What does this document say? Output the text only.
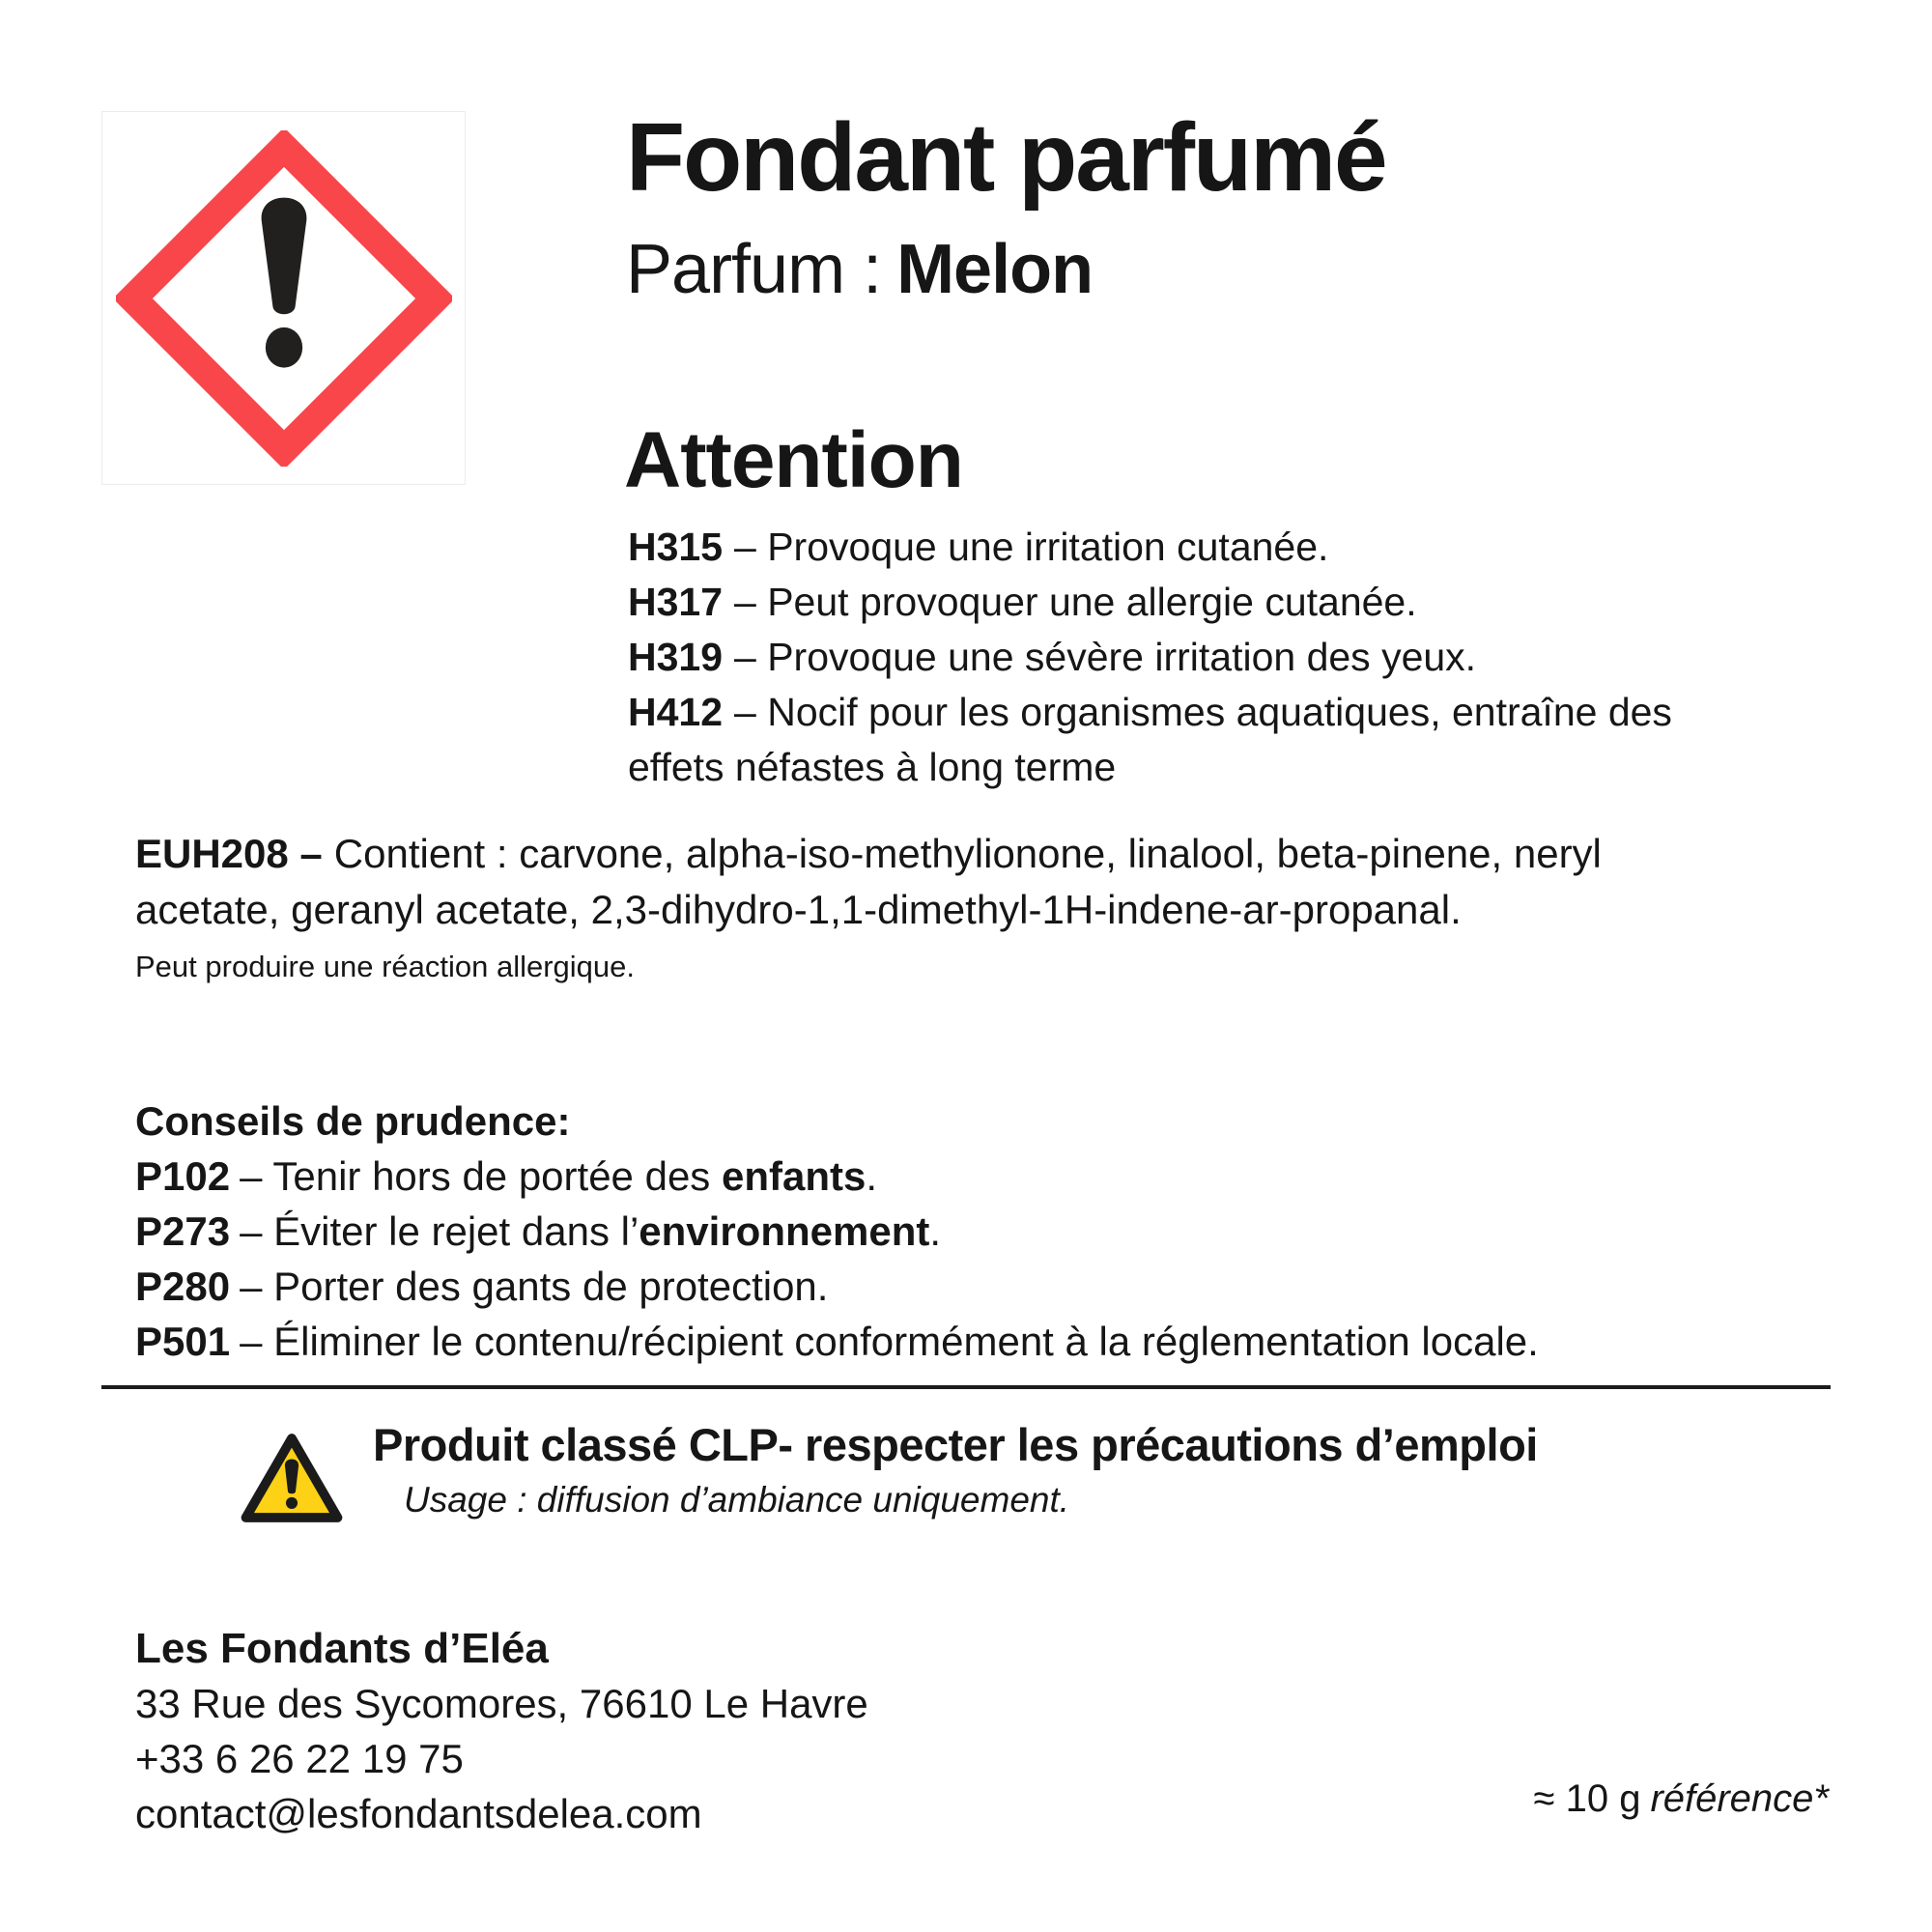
Fondant parfumé
Parfum : Melon
Attention
H315 – Provoque une irritation cutanée.
H317 – Peut provoquer une allergie cutanée.
H319 – Provoque une sévère irritation des yeux.
H412 – Nocif pour les organismes aquatiques, entraîne des
effets néfastes à long terme
EUH208 – Contient : carvone, alpha-iso-methylionone, linalool, beta-pinene, neryl
acetate, geranyl acetate, 2,3-dihydro-1,1-dimethyl-1H-indene-ar-propanal.
Peut produire une réaction allergique.
Conseils de prudence:
P102 – Tenir hors de portée des enfants.
P273 – Éviter le rejet dans l’environnement.
P280 – Porter des gants de protection.
P501 – Éliminer le contenu/récipient conformément à la réglementation locale.
Produit classé CLP- respecter les précautions d’emploi
Usage : diffusion d’ambiance uniquement.
Les Fondants d’Eléa
33 Rue des Sycomores, 76610 Le Havre
+33 6 26 22 19 75
contact@lesfondantsdelea.com	≈ 10 g référence*
